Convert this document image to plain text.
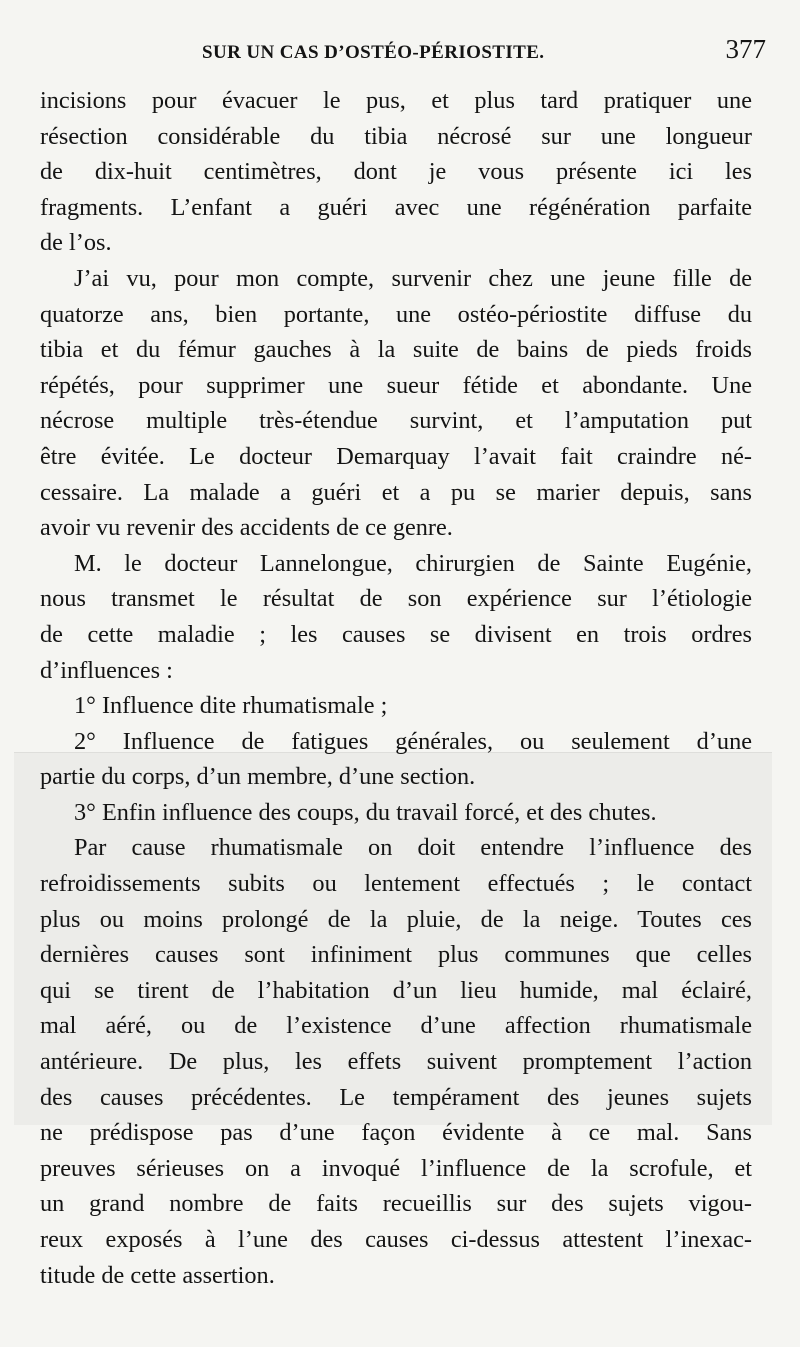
SUR UN CAS D’OSTÉO-PÉRIOSTITE.	377
incisions pour évacuer le pus, et plus tard pratiquer une
résection considérable du tibia nécrosé sur une longueur
de dix-huit centimètres, dont je vous présente ici les
fragments. L’enfant a guéri avec une régénération parfaite
de l’os.
J’ai vu, pour mon compte, survenir chez une jeune fille de
quatorze ans, bien portante, une ostéo-périostite diffuse du
tibia et du fémur gauches à la suite de bains de pieds froids
répétés, pour supprimer une sueur fétide et abondante. Une
nécrose multiple très-étendue survint, et l’amputation put
être évitée. Le docteur Demarquay l’avait fait craindre né-
cessaire. La malade a guéri et a pu se marier depuis, sans
avoir vu revenir des accidents de ce genre.
M. le docteur Lannelongue, chirurgien de Sainte Eugénie,
nous transmet le résultat de son expérience sur l’étiologie
de cette maladie ; les causes se divisent en trois ordres
d’influences :
1° Influence dite rhumatismale ;
2° Influence de fatigues générales, ou seulement d’une
partie du corps, d’un membre, d’une section.
3° Enfin influence des coups, du travail forcé, et des chutes.
Par cause rhumatismale on doit entendre l’influence des
refroidissements subits ou lentement effectués ; le contact
plus ou moins prolongé de la pluie, de la neige. Toutes ces
dernières causes sont infiniment plus communes que celles
qui se tirent de l’habitation d’un lieu humide, mal éclairé,
mal aéré, ou de l’existence d’une affection rhumatismale
antérieure. De plus, les effets suivent promptement l’action
des causes précédentes. Le tempérament des jeunes sujets
ne prédispose pas d’une façon évidente à ce mal. Sans
preuves sérieuses on a invoqué l’influence de la scrofule, et
un grand nombre de faits recueillis sur des sujets vigou-
reux exposés à l’une des causes ci-dessus attestent l’inexac-
titude de cette assertion.
